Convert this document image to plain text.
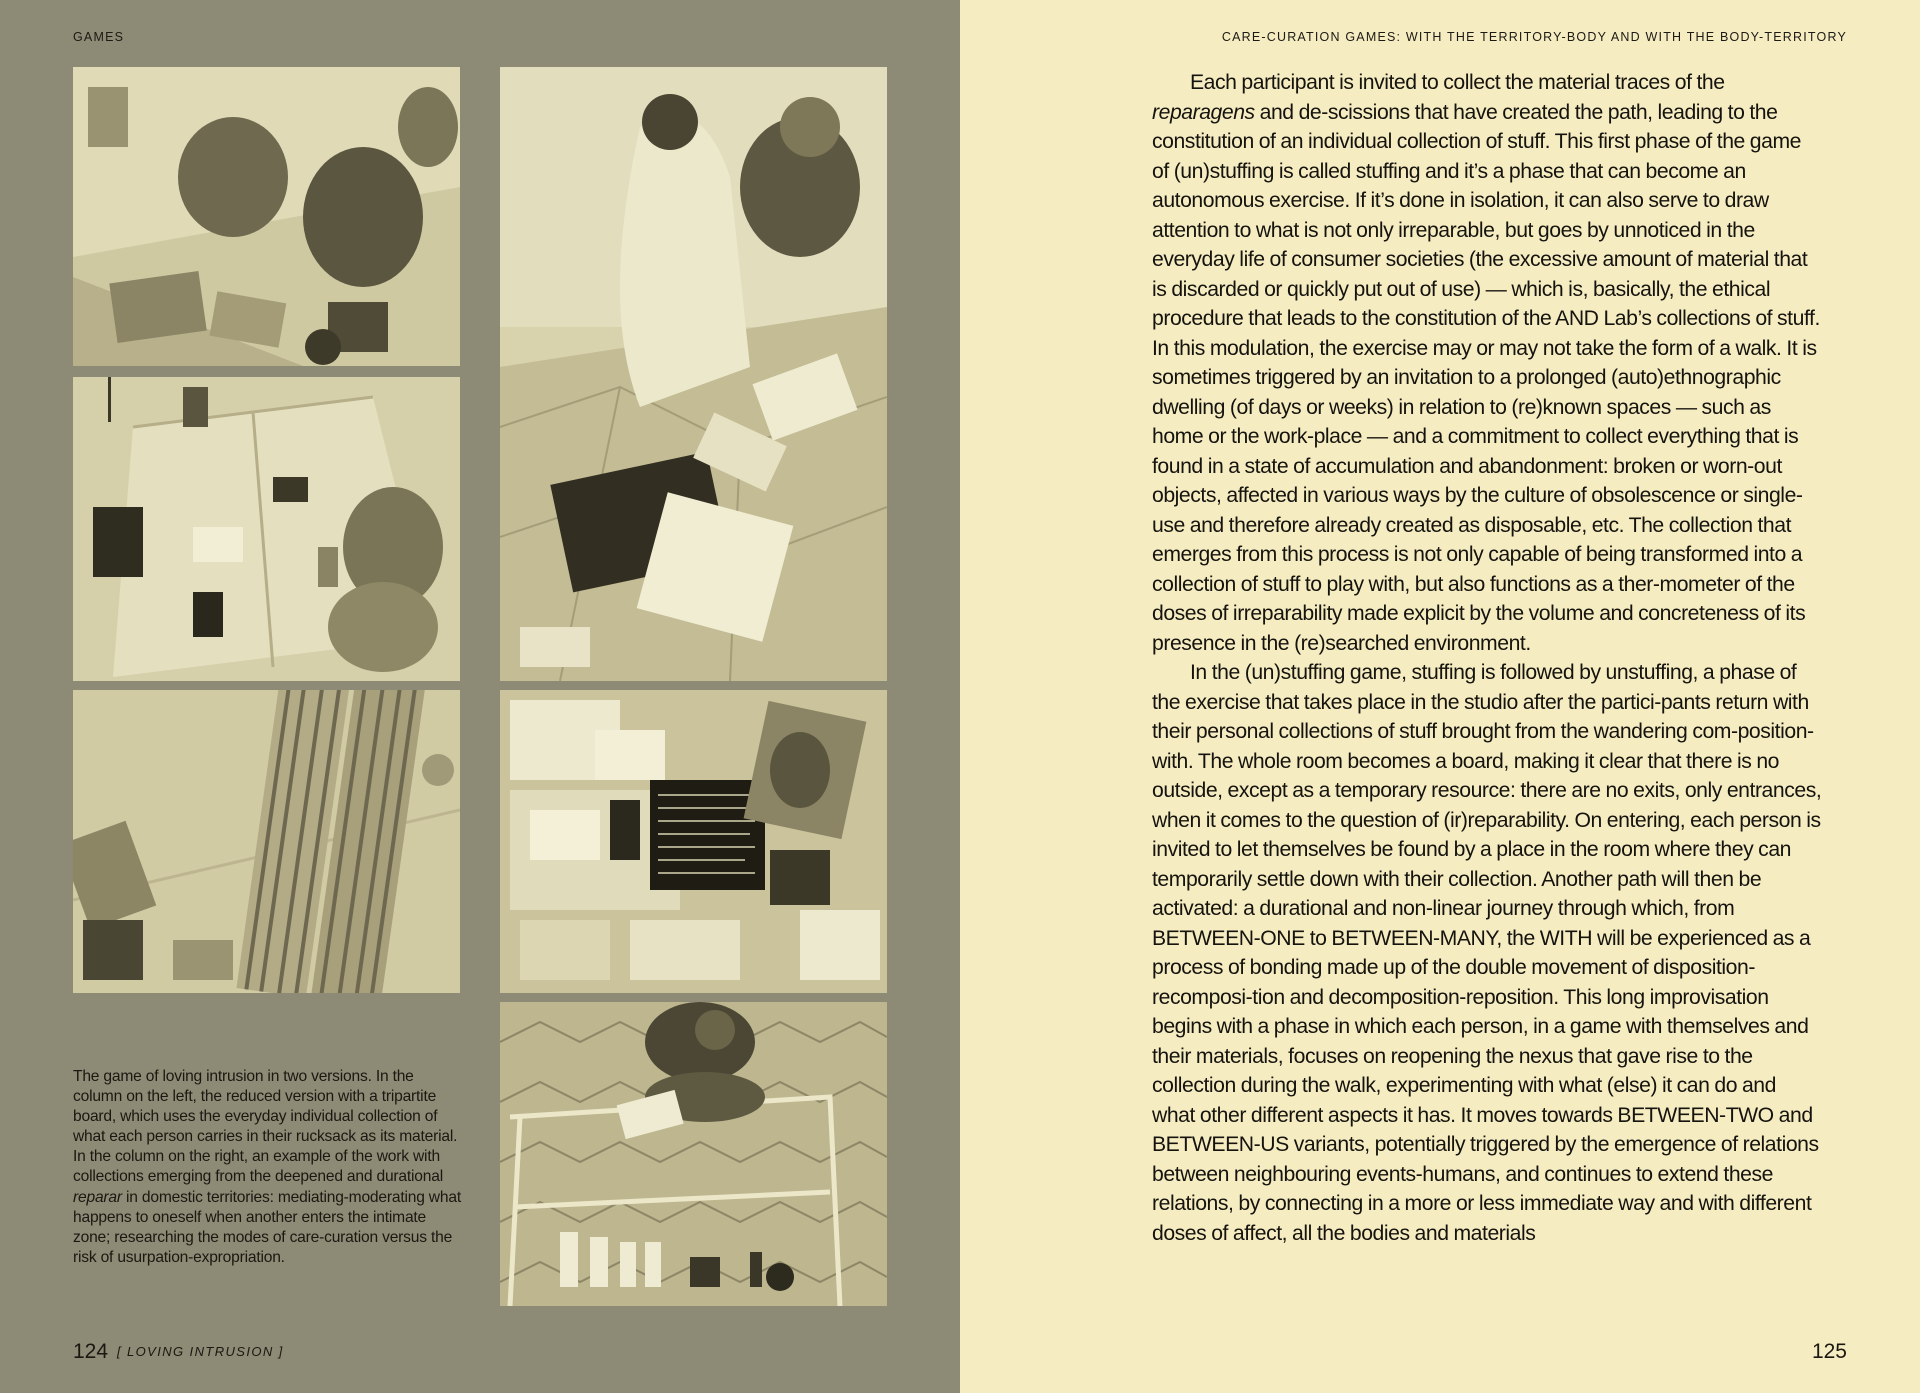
GAMES

The game of loving intrusion in two versions. In the column on the left, the reduced version with a tripartite board, which uses the everyday individual collection of what each person carries in their rucksack as its material. In the column on the right, an example of the work with collections emerging from the deepened and durational reparar in domestic territories: mediating-moderating what happens to oneself when another enters the intimate zone; researching the modes of care-curation versus the risk of usurpation-expropriation.

124 [ LOVING INTRUSION ]
CARE-CURATION GAMES: WITH THE TERRITORY-BODY AND WITH THE BODY-TERRITORY

Each participant is invited to collect the material traces of the reparagens and de-scissions that have created the path, leading to the constitution of an individual collection of stuff. This first phase of the game of (un)stuffing is called stuffing and it’s a phase that can become an autonomous exercise. If it’s done in isolation, it can also serve to draw attention to what is not only irreparable, but goes by unnoticed in the everyday life of consumer societies (the excessive amount of material that is discarded or quickly put out of use) — which is, basically, the ethical procedure that leads to the constitution of the AND Lab’s collections of stuff. In this modulation, the exercise may or may not take the form of a walk. It is sometimes triggered by an invitation to a prolonged (auto)ethnographic dwelling (of days or weeks) in relation to (re)known spaces — such as home or the work-place — and a commitment to collect everything that is found in a state of accumulation and abandonment: broken or worn-out objects, affected in various ways by the culture of obsolescence or single-use and therefore already created as disposable, etc. The collection that emerges from this process is not only capable of being transformed into a collection of stuff to play with, but also functions as a ther-mometer of the doses of irreparability made explicit by the volume and concreteness of its presence in the (re)searched environment.

In the (un)stuffing game, stuffing is followed by unstuffing, a phase of the exercise that takes place in the studio after the partici-pants return with their personal collections of stuff brought from the wandering com-position-with. The whole room becomes a board, making it clear that there is no outside, except as a temporary resource: there are no exits, only entrances, when it comes to the question of (ir)reparability. On entering, each person is invited to let themselves be found by a place in the room where they can temporarily settle down with their collection. Another path will then be activated: a durational and non-linear journey through which, from BETWEEN-ONE to BETWEEN-MANY, the WITH will be experienced as a process of bonding made up of the double movement of disposition-recomposi-tion and decomposition-reposition. This long improvisation begins with a phase in which each person, in a game with themselves and their materials, focuses on reopening the nexus that gave rise to the collection during the walk, experimenting with what (else) it can do and what other different aspects it has. It moves towards BETWEEN-TWO and BETWEEN-US variants, potentially triggered by the emergence of relations between neighbouring events-humans, and continues to extend these relations, by connecting in a more or less immediate way and with different doses of affect, all the bodies and materials

125
